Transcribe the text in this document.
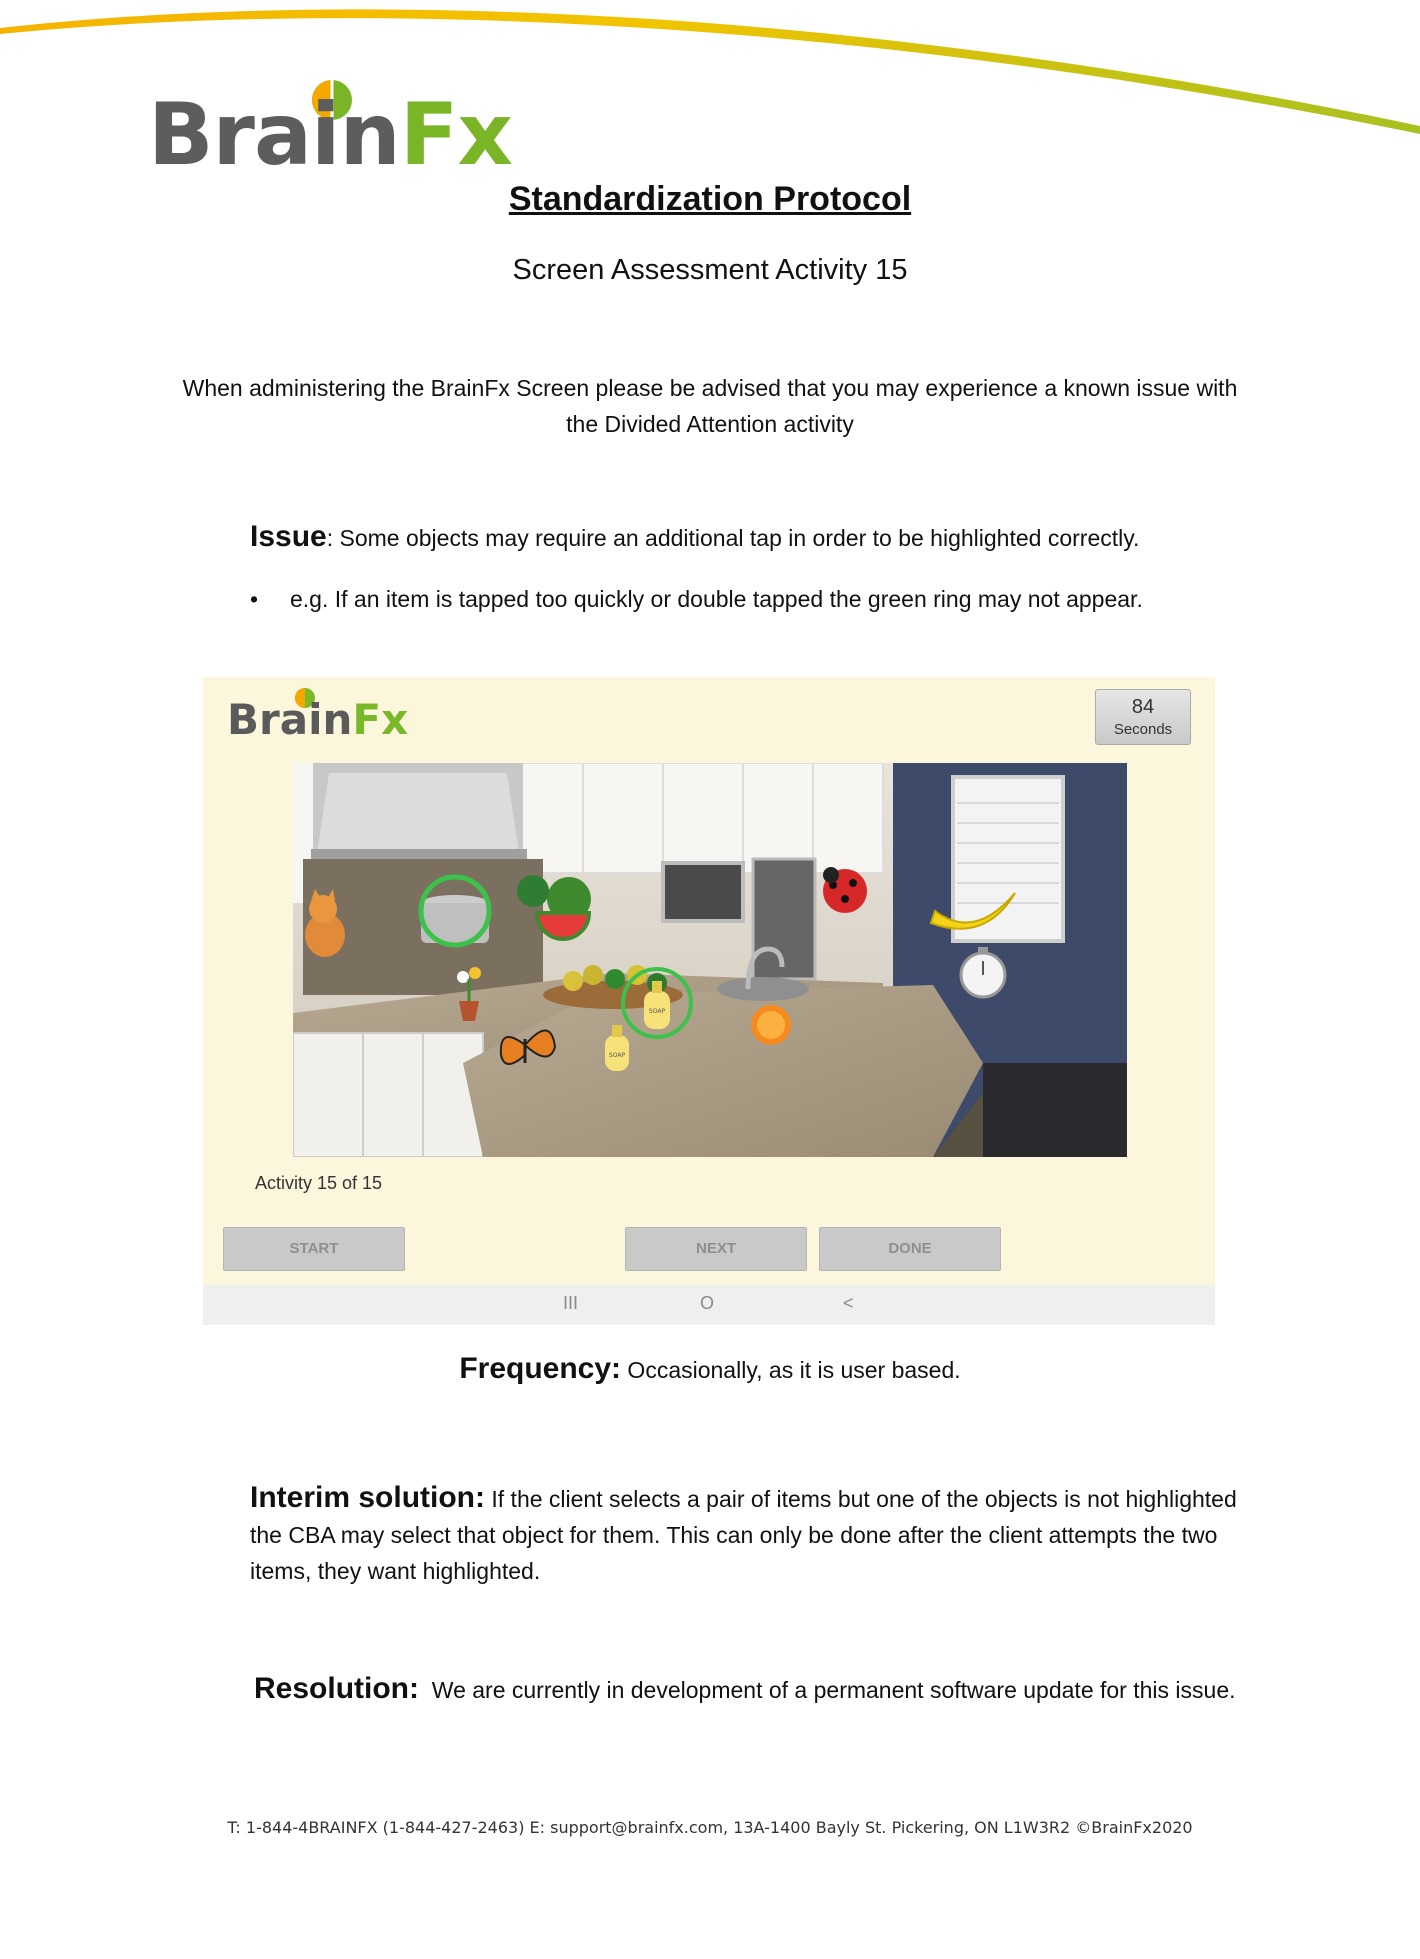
BrainFx
Standardization Protocol
Screen Assessment Activity 15
When administering the BrainFx Screen please be advised that you may experience a known issue with the Divided Attention activity
Issue: Some objects may require an additional tap in order to be highlighted correctly.
• e.g. If an item is tapped too quickly or double tapped the green ring may not appear.
BrainFx	84
Seconds
SOAP
SOAP
Activity 15 of 15
START	NEXT	DONE
III	O	<
Frequency: Occasionally, as it is user based.
Interim solution: If the client selects a pair of items but one of the objects is not highlighted the CBA may select that object for them. This can only be done after the client attempts the two items, they want highlighted.
Resolution:  We are currently in development of a permanent software update for this issue.
T: 1-844-4BRAINFX (1-844-427-2463) E: support@brainfx.com, 13A-1400 Bayly St. Pickering, ON L1W3R2 ©BrainFx2020
